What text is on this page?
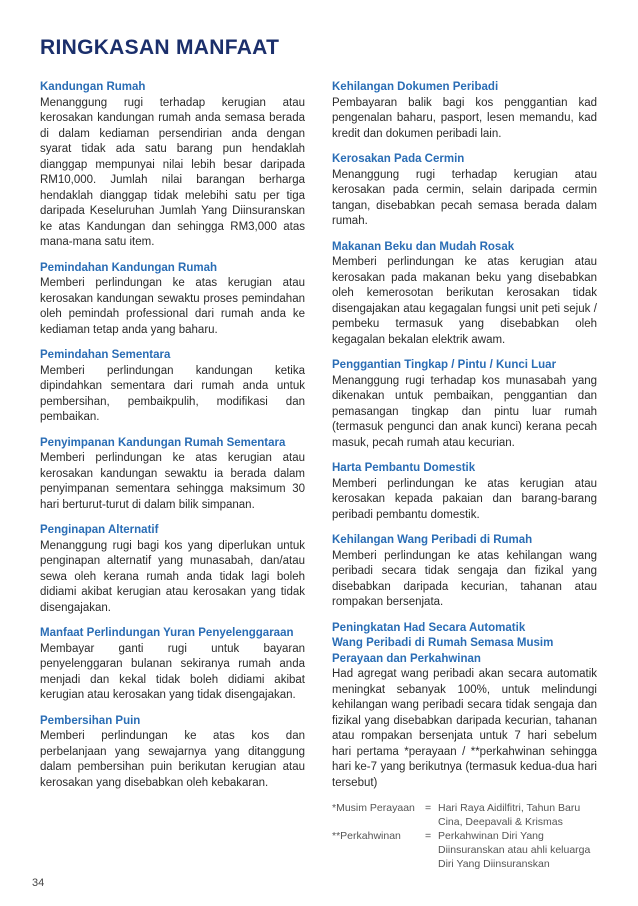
RINGKASAN MANFAAT
Kandungan Rumah
Menanggung rugi terhadap kerugian atau kerosakan kandungan rumah anda semasa berada di dalam kediaman persendirian anda dengan syarat tidak ada satu barang pun hendaklah dianggap mempunyai nilai lebih besar daripada RM10,000. Jumlah nilai barangan berharga hendaklah dianggap tidak melebihi satu per tiga daripada Keseluruhan Jumlah Yang Diinsuranskan ke atas Kandungan dan sehingga RM3,000 atas mana-mana satu item.
Pemindahan Kandungan Rumah
Memberi perlindungan ke atas kerugian atau kerosakan kandungan sewaktu proses pemindahan oleh pemindah professional dari rumah anda ke kediaman tetap anda yang baharu.
Pemindahan Sementara
Memberi perlindungan kandungan ketika dipindahkan sementara dari rumah anda untuk pembersihan, pembaikpulih, modifikasi dan pembaikan.
Penyimpanan Kandungan Rumah Sementara
Memberi perlindungan ke atas kerugian atau kerosakan kandungan sewaktu ia berada dalam penyimpanan sementara sehingga maksimum 30 hari berturut-turut di dalam bilik simpanan.
Penginapan Alternatif
Menanggung rugi bagi kos yang diperlukan untuk penginapan alternatif yang munasabah, dan/atau sewa oleh kerana rumah anda tidak lagi boleh didiami akibat kerugian atau kerosakan yang tidak disengajakan.
Manfaat Perlindungan Yuran Penyelenggaraan
Membayar ganti rugi untuk bayaran penyelenggaran bulanan sekiranya rumah anda menjadi dan kekal tidak boleh didiami akibat kerugian atau kerosakan yang tidak disengajakan.
Pembersihan Puin
Memberi perlindungan ke atas kos dan perbelanjaan yang sewajarnya yang ditanggung dalam pembersihan puin berikutan kerugian atau kerosakan yang disebabkan oleh kebakaran.
Kehilangan Dokumen Peribadi
Pembayaran balik bagi kos penggantian kad pengenalan baharu, pasport, lesen memandu, kad kredit dan dokumen peribadi lain.
Kerosakan Pada Cermin
Menanggung rugi terhadap kerugian atau kerosakan pada cermin, selain daripada cermin tangan, disebabkan pecah semasa berada dalam rumah.
Makanan Beku dan Mudah Rosak
Memberi perlindungan ke atas kerugian atau kerosakan pada makanan beku yang disebabkan oleh kemerosotan berikutan kerosakan tidak disengajakan atau kegagalan fungsi unit peti sejuk / pembeku termasuk yang disebabkan oleh kegagalan bekalan elektrik awam.
Penggantian Tingkap / Pintu / Kunci Luar
Menanggung rugi terhadap kos munasabah yang dikenakan untuk pembaikan, penggantian dan pemasangan tingkap dan pintu luar rumah (termasuk pengunci dan anak kunci) kerana pecah masuk, pecah rumah atau kecurian.
Harta Pembantu Domestik
Memberi perlindungan ke atas kerugian atau kerosakan kepada pakaian dan barang-barang peribadi pembantu domestik.
Kehilangan Wang Peribadi di Rumah
Memberi perlindungan ke atas kehilangan wang peribadi secara tidak sengaja dan fizikal yang disebabkan daripada kecurian, tahanan atau rompakan bersenjata.
Peningkatan Had Secara Automatik
Wang Peribadi di Rumah Semasa Musim
Perayaan dan Perkahwinan
Had agregat wang peribadi akan secara automatik meningkat sebanyak 100%, untuk melindungi kehilangan wang peribadi secara tidak sengaja dan fizikal yang disebabkan daripada kecurian, tahanan atau rompakan bersenjata untuk 7 hari sebelum hari pertama *perayaan / **perkahwinan sehingga hari ke-7 yang berikutnya (termasuk kedua-dua hari tersebut)
*Musim Perayaan = Hari Raya Aidilfitri, Tahun Baru Cina, Deepavali & Krismas
**Perkahwinan	= Perkahwinan Diri Yang Diinsuranskan atau ahli keluarga Diri Yang Diinsuranskan
34
